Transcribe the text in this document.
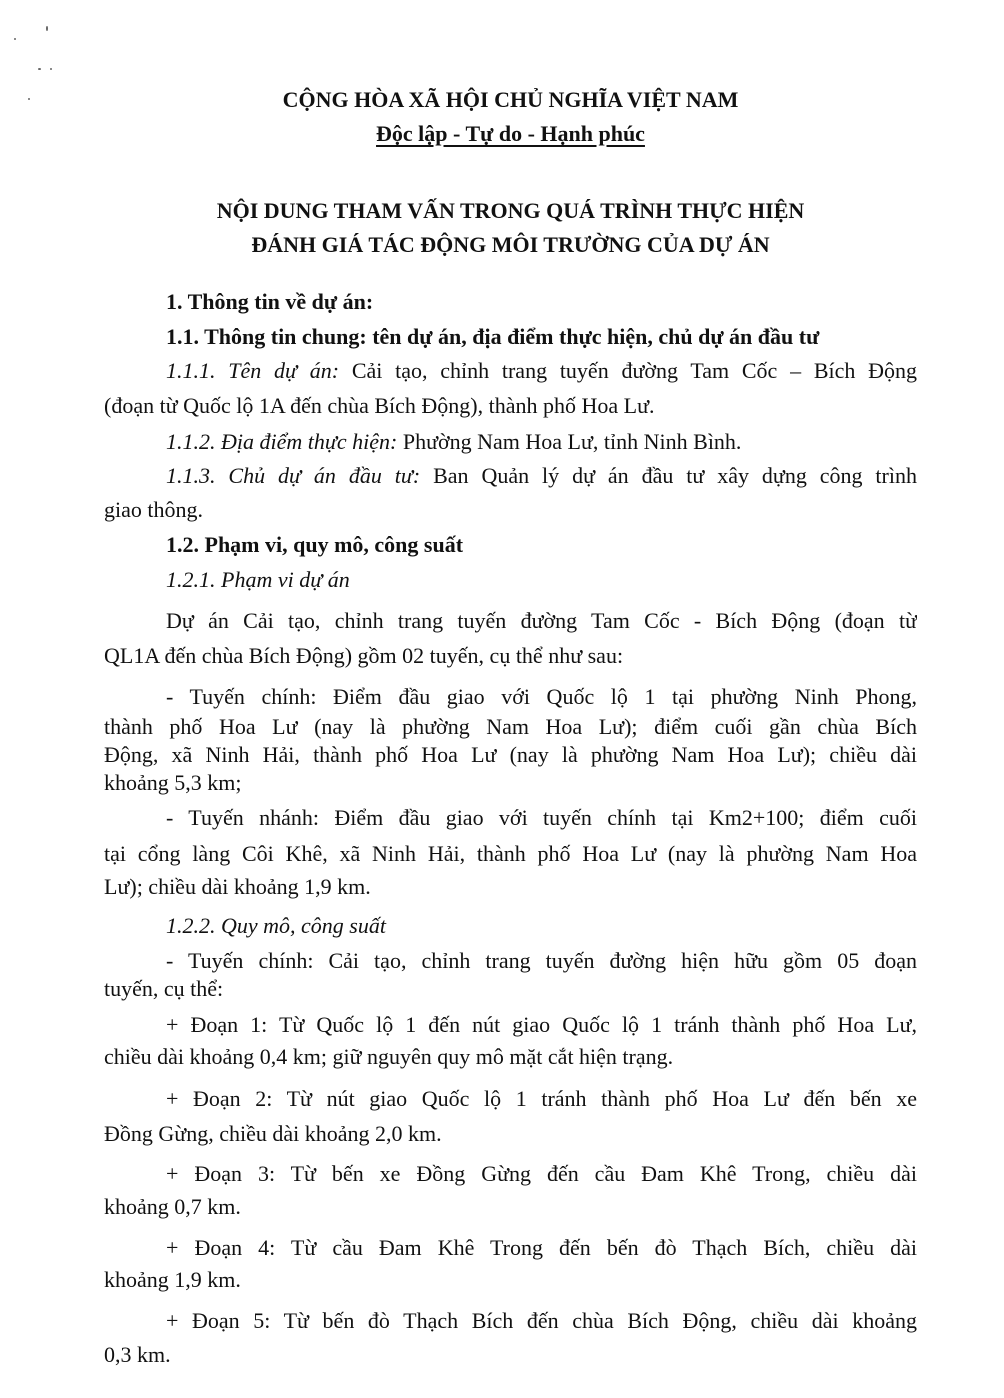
CỘNG HÒA XÃ HỘI CHỦ NGHĨA VIỆT NAM
Độc lập - Tự do - Hạnh phúc
NỘI DUNG THAM VẤN TRONG QUÁ TRÌNH THỰC HIỆN
ĐÁNH GIÁ TÁC ĐỘNG MÔI TRƯỜNG CỦA DỰ ÁN
1. Thông tin về dự án:
1.1. Thông tin chung: tên dự án, địa điểm thực hiện, chủ dự án đầu tư
1.1.1. Tên dự án: Cải tạo, chỉnh trang tuyến đường Tam Cốc – Bích Động
(đoạn từ Quốc lộ 1A đến chùa Bích Động), thành phố Hoa Lư.
1.1.2. Địa điểm thực hiện: Phường Nam Hoa Lư, tỉnh Ninh Bình.
1.1.3. Chủ dự án đầu tư: Ban Quản lý dự án đầu tư xây dựng công trình
giao thông.
1.2. Phạm vi, quy mô, công suất
1.2.1. Phạm vi dự án
Dự án Cải tạo, chỉnh trang tuyến đường Tam Cốc - Bích Động (đoạn từ
QL1A đến chùa Bích Động) gồm 02 tuyến, cụ thể như sau:
- Tuyến chính: Điểm đầu giao với Quốc lộ 1 tại phường Ninh Phong,
thành phố Hoa Lư (nay là phường Nam Hoa Lư); điểm cuối gần chùa Bích
Động, xã Ninh Hải, thành phố Hoa Lư (nay là phường Nam Hoa Lư); chiều dài
khoảng 5,3 km;
- Tuyến nhánh: Điểm đầu giao với tuyến chính tại Km2+100; điểm cuối
tại cổng làng Côi Khê, xã Ninh Hải, thành phố Hoa Lư (nay là phường Nam Hoa
Lư); chiều dài khoảng 1,9 km.
1.2.2. Quy mô, công suất
- Tuyến chính: Cải tạo, chỉnh trang tuyến đường hiện hữu gồm 05 đoạn
tuyến, cụ thể:
+ Đoạn 1: Từ Quốc lộ 1 đến nút giao Quốc lộ 1 tránh thành phố Hoa Lư,
chiều dài khoảng 0,4 km; giữ nguyên quy mô mặt cắt hiện trạng.
+ Đoạn 2: Từ nút giao Quốc lộ 1 tránh thành phố Hoa Lư đến bến xe
Đồng Gừng, chiều dài khoảng 2,0 km.
+ Đoạn 3: Từ bến xe Đồng Gừng đến cầu Đam Khê Trong, chiều dài
khoảng 0,7 km.
+ Đoạn 4: Từ cầu Đam Khê Trong đến bến đò Thạch Bích, chiều dài
khoảng 1,9 km.
+ Đoạn 5: Từ bến đò Thạch Bích đến chùa Bích Động, chiều dài khoảng
0,3 km.
